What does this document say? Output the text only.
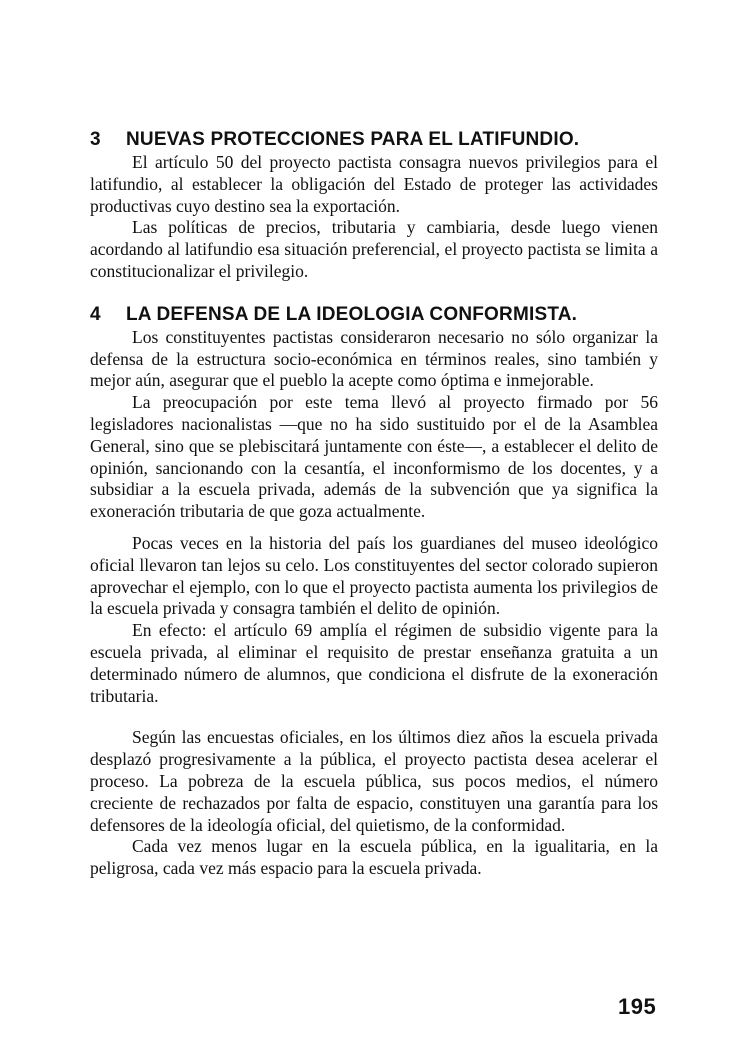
3 NUEVAS PROTECCIONES PARA EL LATIFUNDIO.

El artículo 50 del proyecto pactista consagra nuevos privilegios para el latifundio, al establecer la obligación del Estado de proteger las actividades productivas cuyo destino sea la exportación.

Las políticas de precios, tributaria y cambiaria, desde luego vienen acordando al latifundio esa situación preferencial, el proyecto pactista se limita a constitucionalizar el privilegio.

4 LA DEFENSA DE LA IDEOLOGIA CONFORMISTA.

Los constituyentes pactistas consideraron necesario no sólo organizar la defensa de la estructura socio-económica en términos reales, sino también y mejor aún, asegurar que el pueblo la acepte como óptima e inmejorable.

La preocupación por este tema llevó al proyecto firmado por 56 legisladores nacionalistas —que no ha sido sustituido por el de la Asamblea General, sino que se plebiscitará juntamente con éste—, a establecer el delito de opinión, sancionando con la cesantía, el inconformismo de los docentes, y a subsidiar a la escuela privada, además de la subvención que ya significa la exoneración tributaria de que goza actualmente.

Pocas veces en la historia del país los guardianes del museo ideológico oficial llevaron tan lejos su celo. Los constituyentes del sector colorado supieron aprovechar el ejemplo, con lo que el proyecto pactista aumenta los privilegios de la escuela privada y consagra también el delito de opinión.

En efecto: el artículo 69 amplía el régimen de subsidio vigente para la escuela privada, al eliminar el requisito de prestar enseñanza gratuita a un determinado número de alumnos, que condiciona el disfrute de la exoneración tributaria.

Según las encuestas oficiales, en los últimos diez años la escuela privada desplazó progresivamente a la pública, el proyecto pactista desea acelerar el proceso. La pobreza de la escuela pública, sus pocos medios, el número creciente de rechazados por falta de espacio, constituyen una garantía para los defensores de la ideología oficial, del quietismo, de la conformidad.

Cada vez menos lugar en la escuela pública, en la igualitaria, en la peligrosa, cada vez más espacio para la escuela privada.

195
